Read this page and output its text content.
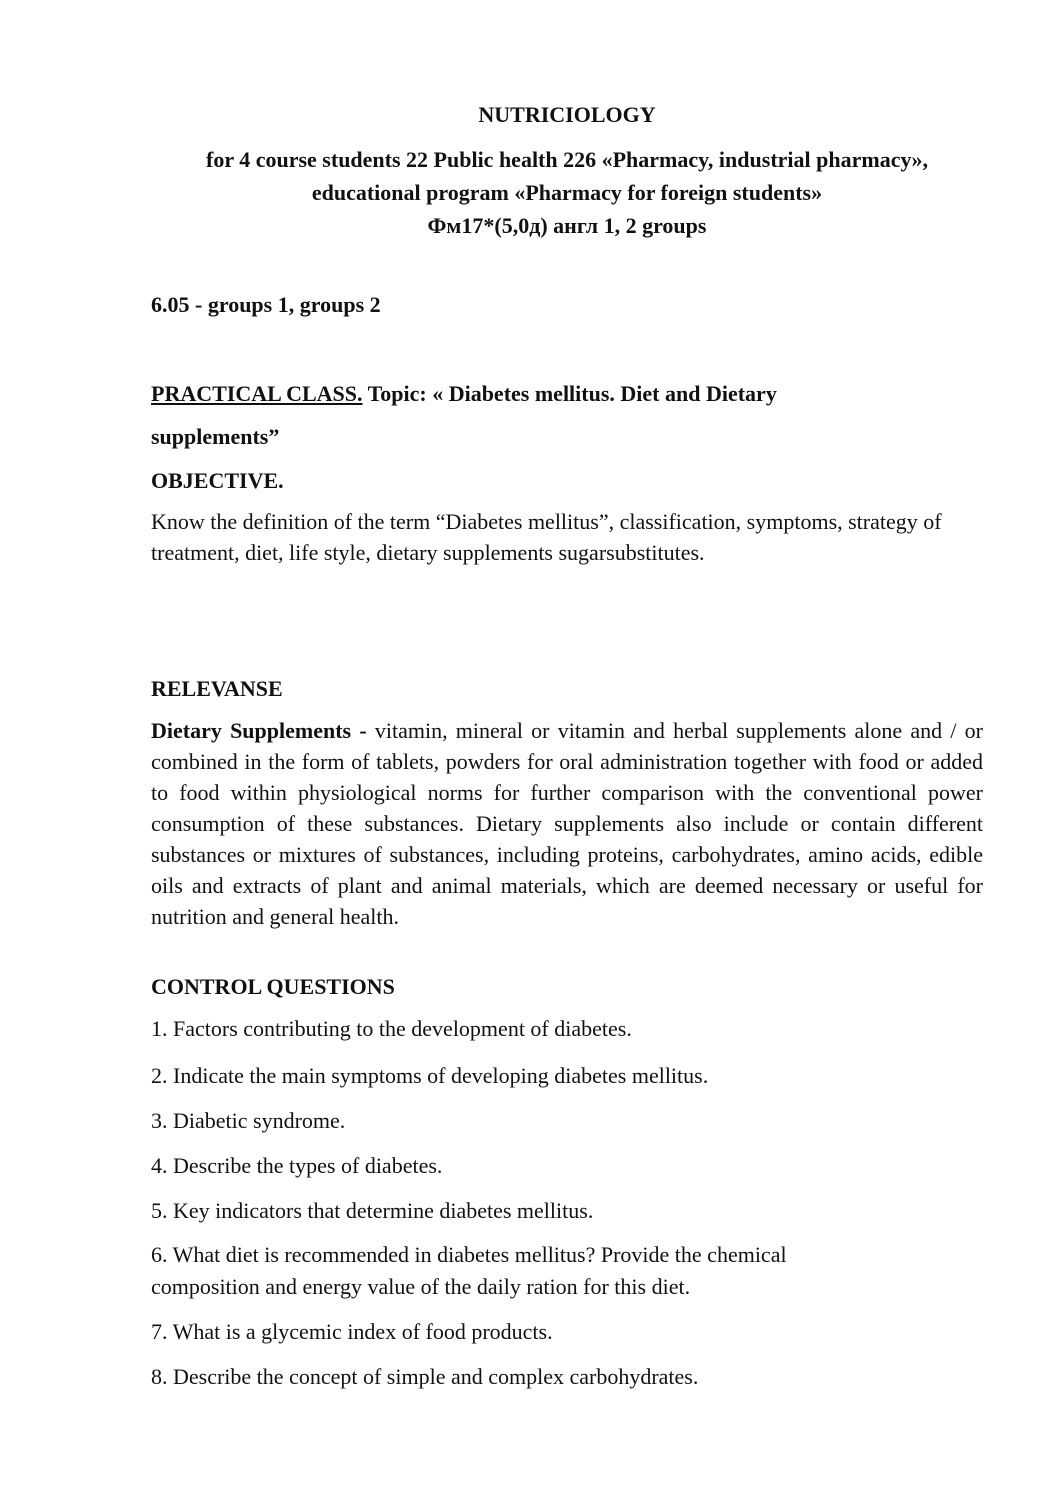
NUTRICIOLOGY
for 4 course students 22 Public health 226 «Pharmacy, industrial pharmacy»,
educational program «Pharmacy for foreign students»
Фм17*(5,0д) англ 1, 2 groups
6.05 - groups 1, groups 2
PRACTICAL CLASS. Topic: « Diabetes mellitus. Diet and Dietary
supplements”
OBJECTIVE.
Know the definition of the term “Diabetes mellitus”, classification, symptoms, strategy of treatment, diet, life style, dietary supplements sugarsubstitutes.
RELEVANSE
Dietary Supplements - vitamin, mineral or vitamin and herbal supplements alone and / or combined in the form of tablets, powders for oral administration together with food or added to food within physiological norms for further comparison with the conventional power consumption of these substances. Dietary supplements also include or contain different substances or mixtures of substances, including proteins, carbohydrates, amino acids, edible oils and extracts of plant and animal materials, which are deemed necessary or useful for nutrition and general health.
CONTROL QUESTIONS
1. Factors contributing to the development of diabetes.
2. Indicate the main symptoms of developing diabetes mellitus.
3. Diabetic syndrome.
4. Describe the types of diabetes.
5. Key indicators that determine diabetes mellitus.
6. What diet is recommended in diabetes mellitus? Provide the chemical
composition and energy value of the daily ration for this diet.
7. What is a glycemic index of food products.
8. Describe the concept of simple and complex carbohydrates.
